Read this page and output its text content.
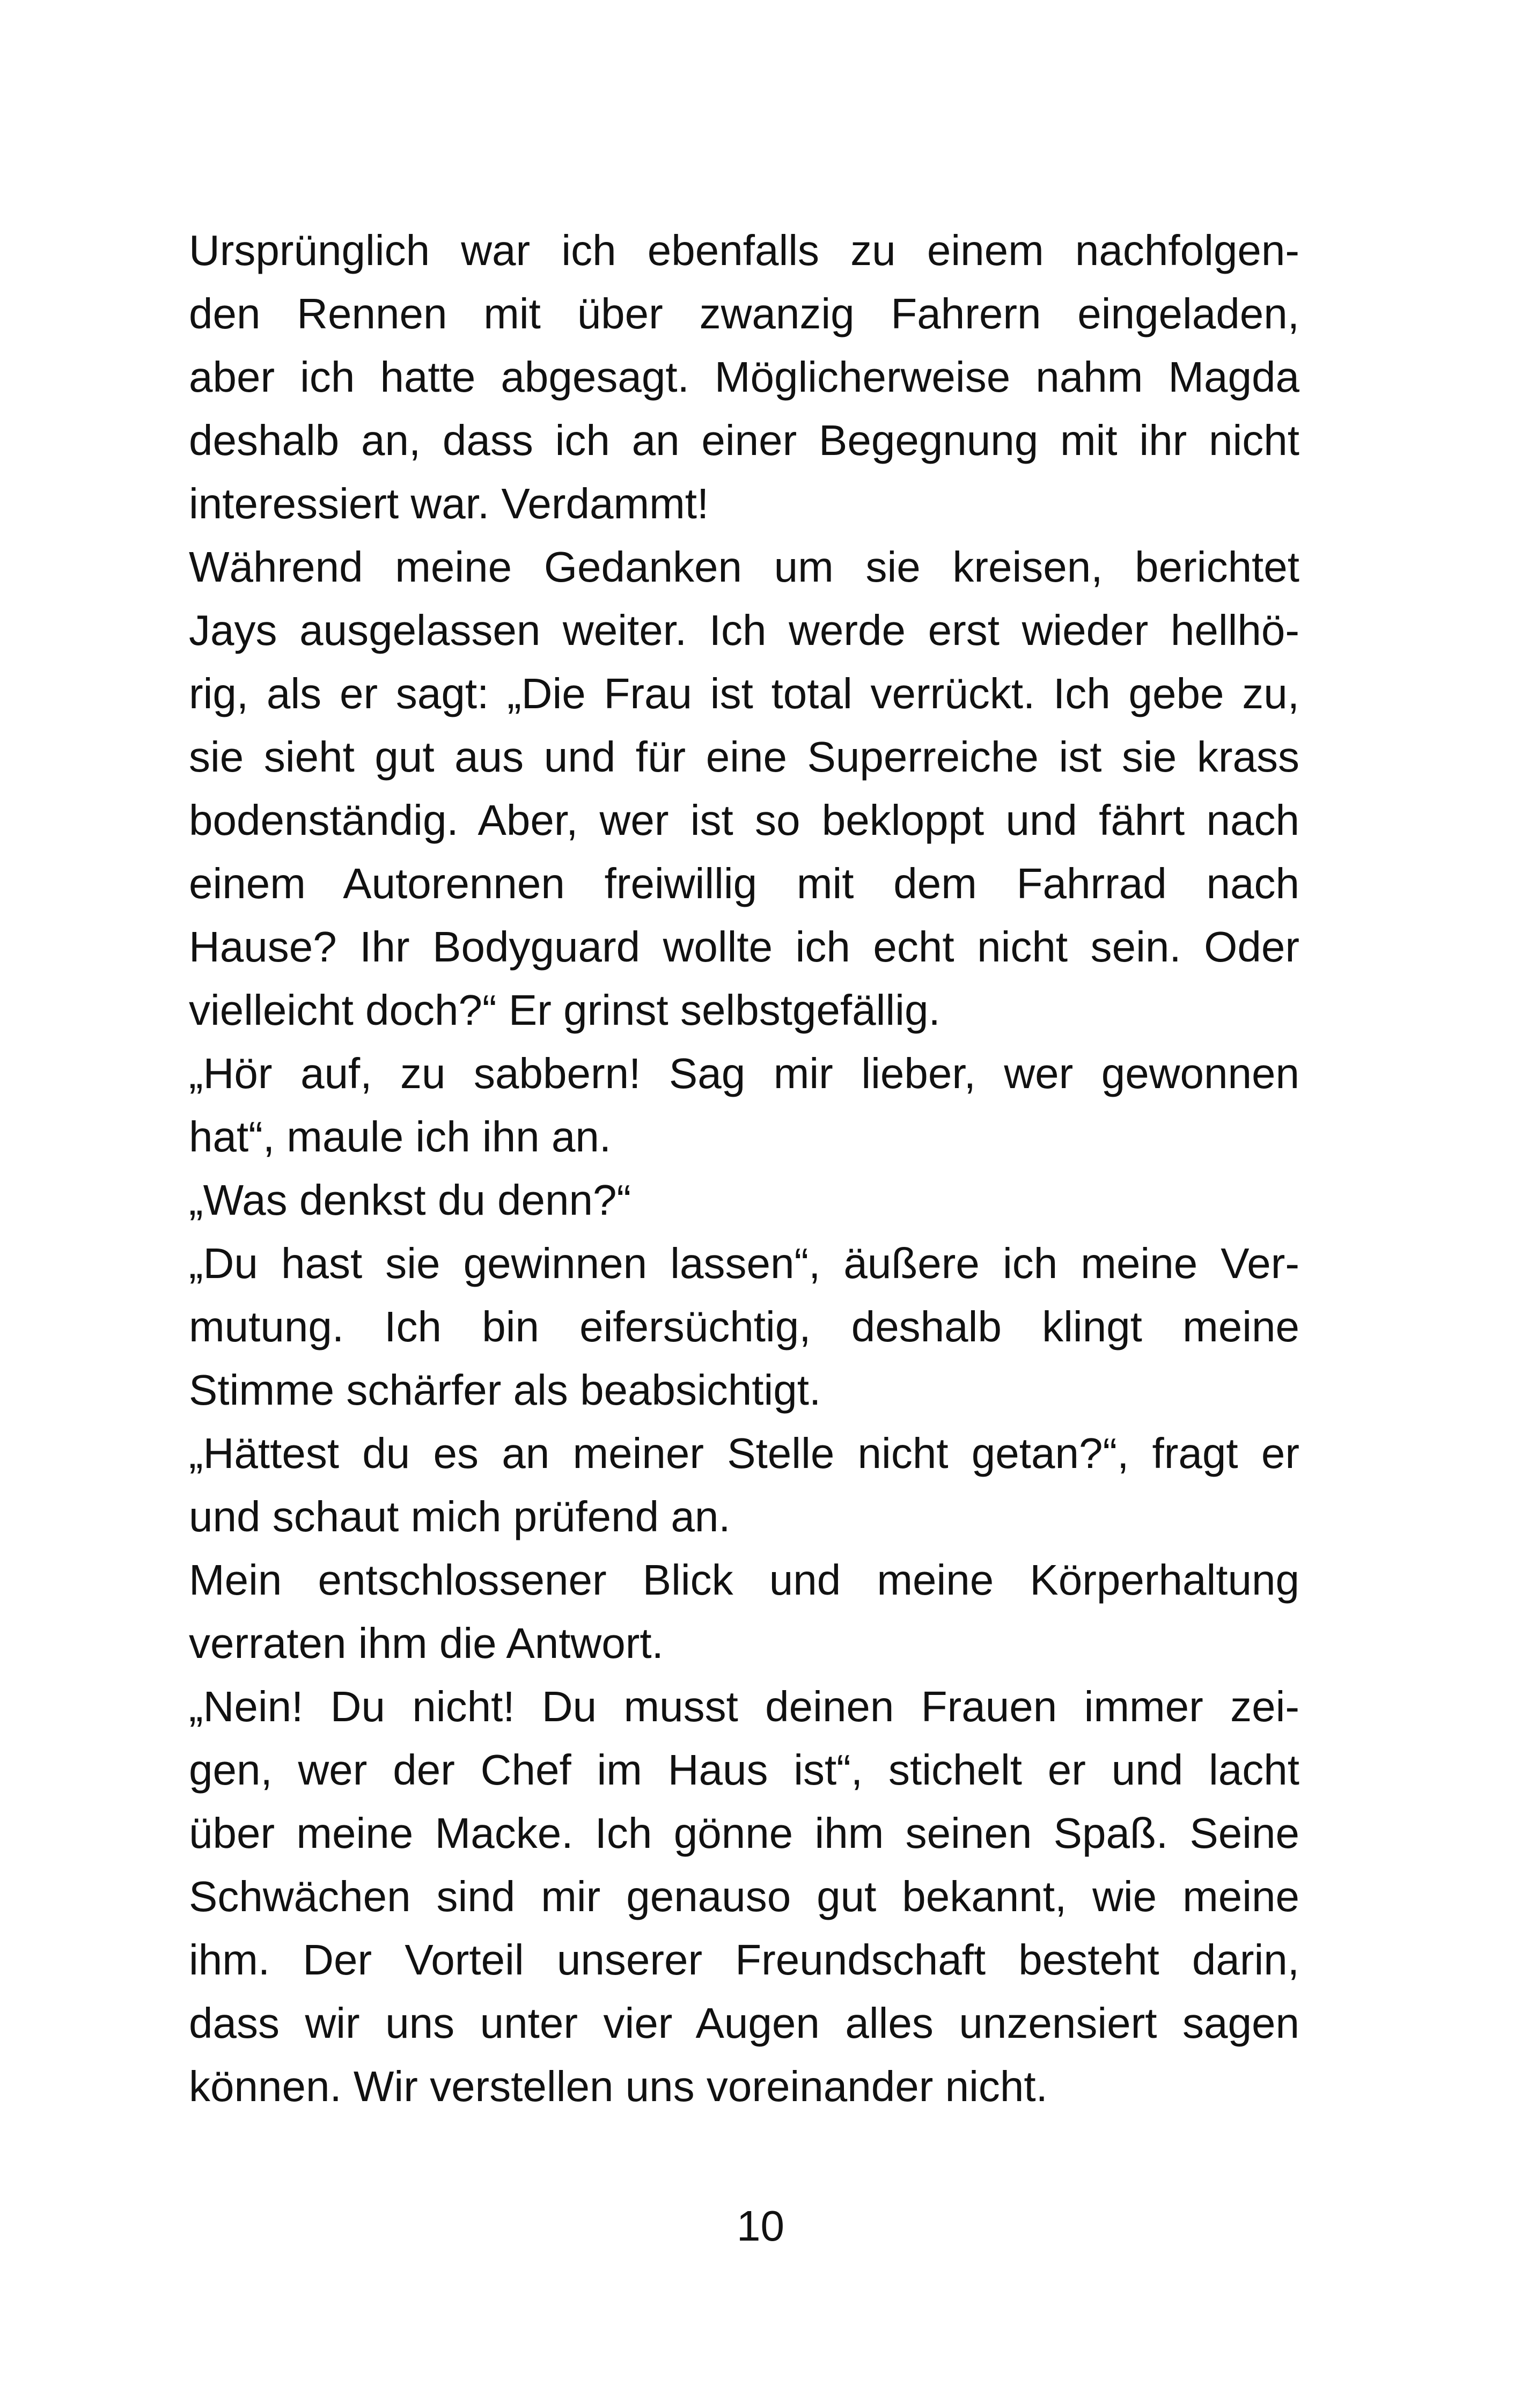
Ursprünglich war ich ebenfalls zu einem nachfolgen-
den Rennen mit über zwanzig Fahrern eingeladen,
aber ich hatte abgesagt. Möglicherweise nahm Magda
deshalb an, dass ich an einer Begegnung mit ihr nicht
interessiert war. Verdammt!
Während meine Gedanken um sie kreisen, berichtet
Jays ausgelassen weiter. Ich werde erst wieder hellhö-
rig, als er sagt: „Die Frau ist total verrückt. Ich gebe zu,
sie sieht gut aus und für eine Superreiche ist sie krass
bodenständig. Aber, wer ist so bekloppt und fährt nach
einem Autorennen freiwillig mit dem Fahrrad nach
Hause? Ihr Bodyguard wollte ich echt nicht sein. Oder
vielleicht doch?“ Er grinst selbstgefällig.
„Hör auf, zu sabbern! Sag mir lieber, wer gewonnen
hat“, maule ich ihn an.
„Was denkst du denn?“
„Du hast sie gewinnen lassen“, äußere ich meine Ver-
mutung. Ich bin eifersüchtig, deshalb klingt meine
Stimme schärfer als beabsichtigt.
„Hättest du es an meiner Stelle nicht getan?“, fragt er
und schaut mich prüfend an.
Mein entschlossener Blick und meine Körperhaltung
verraten ihm die Antwort.
„Nein! Du nicht! Du musst deinen Frauen immer zei-
gen, wer der Chef im Haus ist“, stichelt er und lacht
über meine Macke. Ich gönne ihm seinen Spaß. Seine
Schwächen sind mir genauso gut bekannt, wie meine
ihm. Der Vorteil unserer Freundschaft besteht darin,
dass wir uns unter vier Augen alles unzensiert sagen
können. Wir verstellen uns voreinander nicht.
10
